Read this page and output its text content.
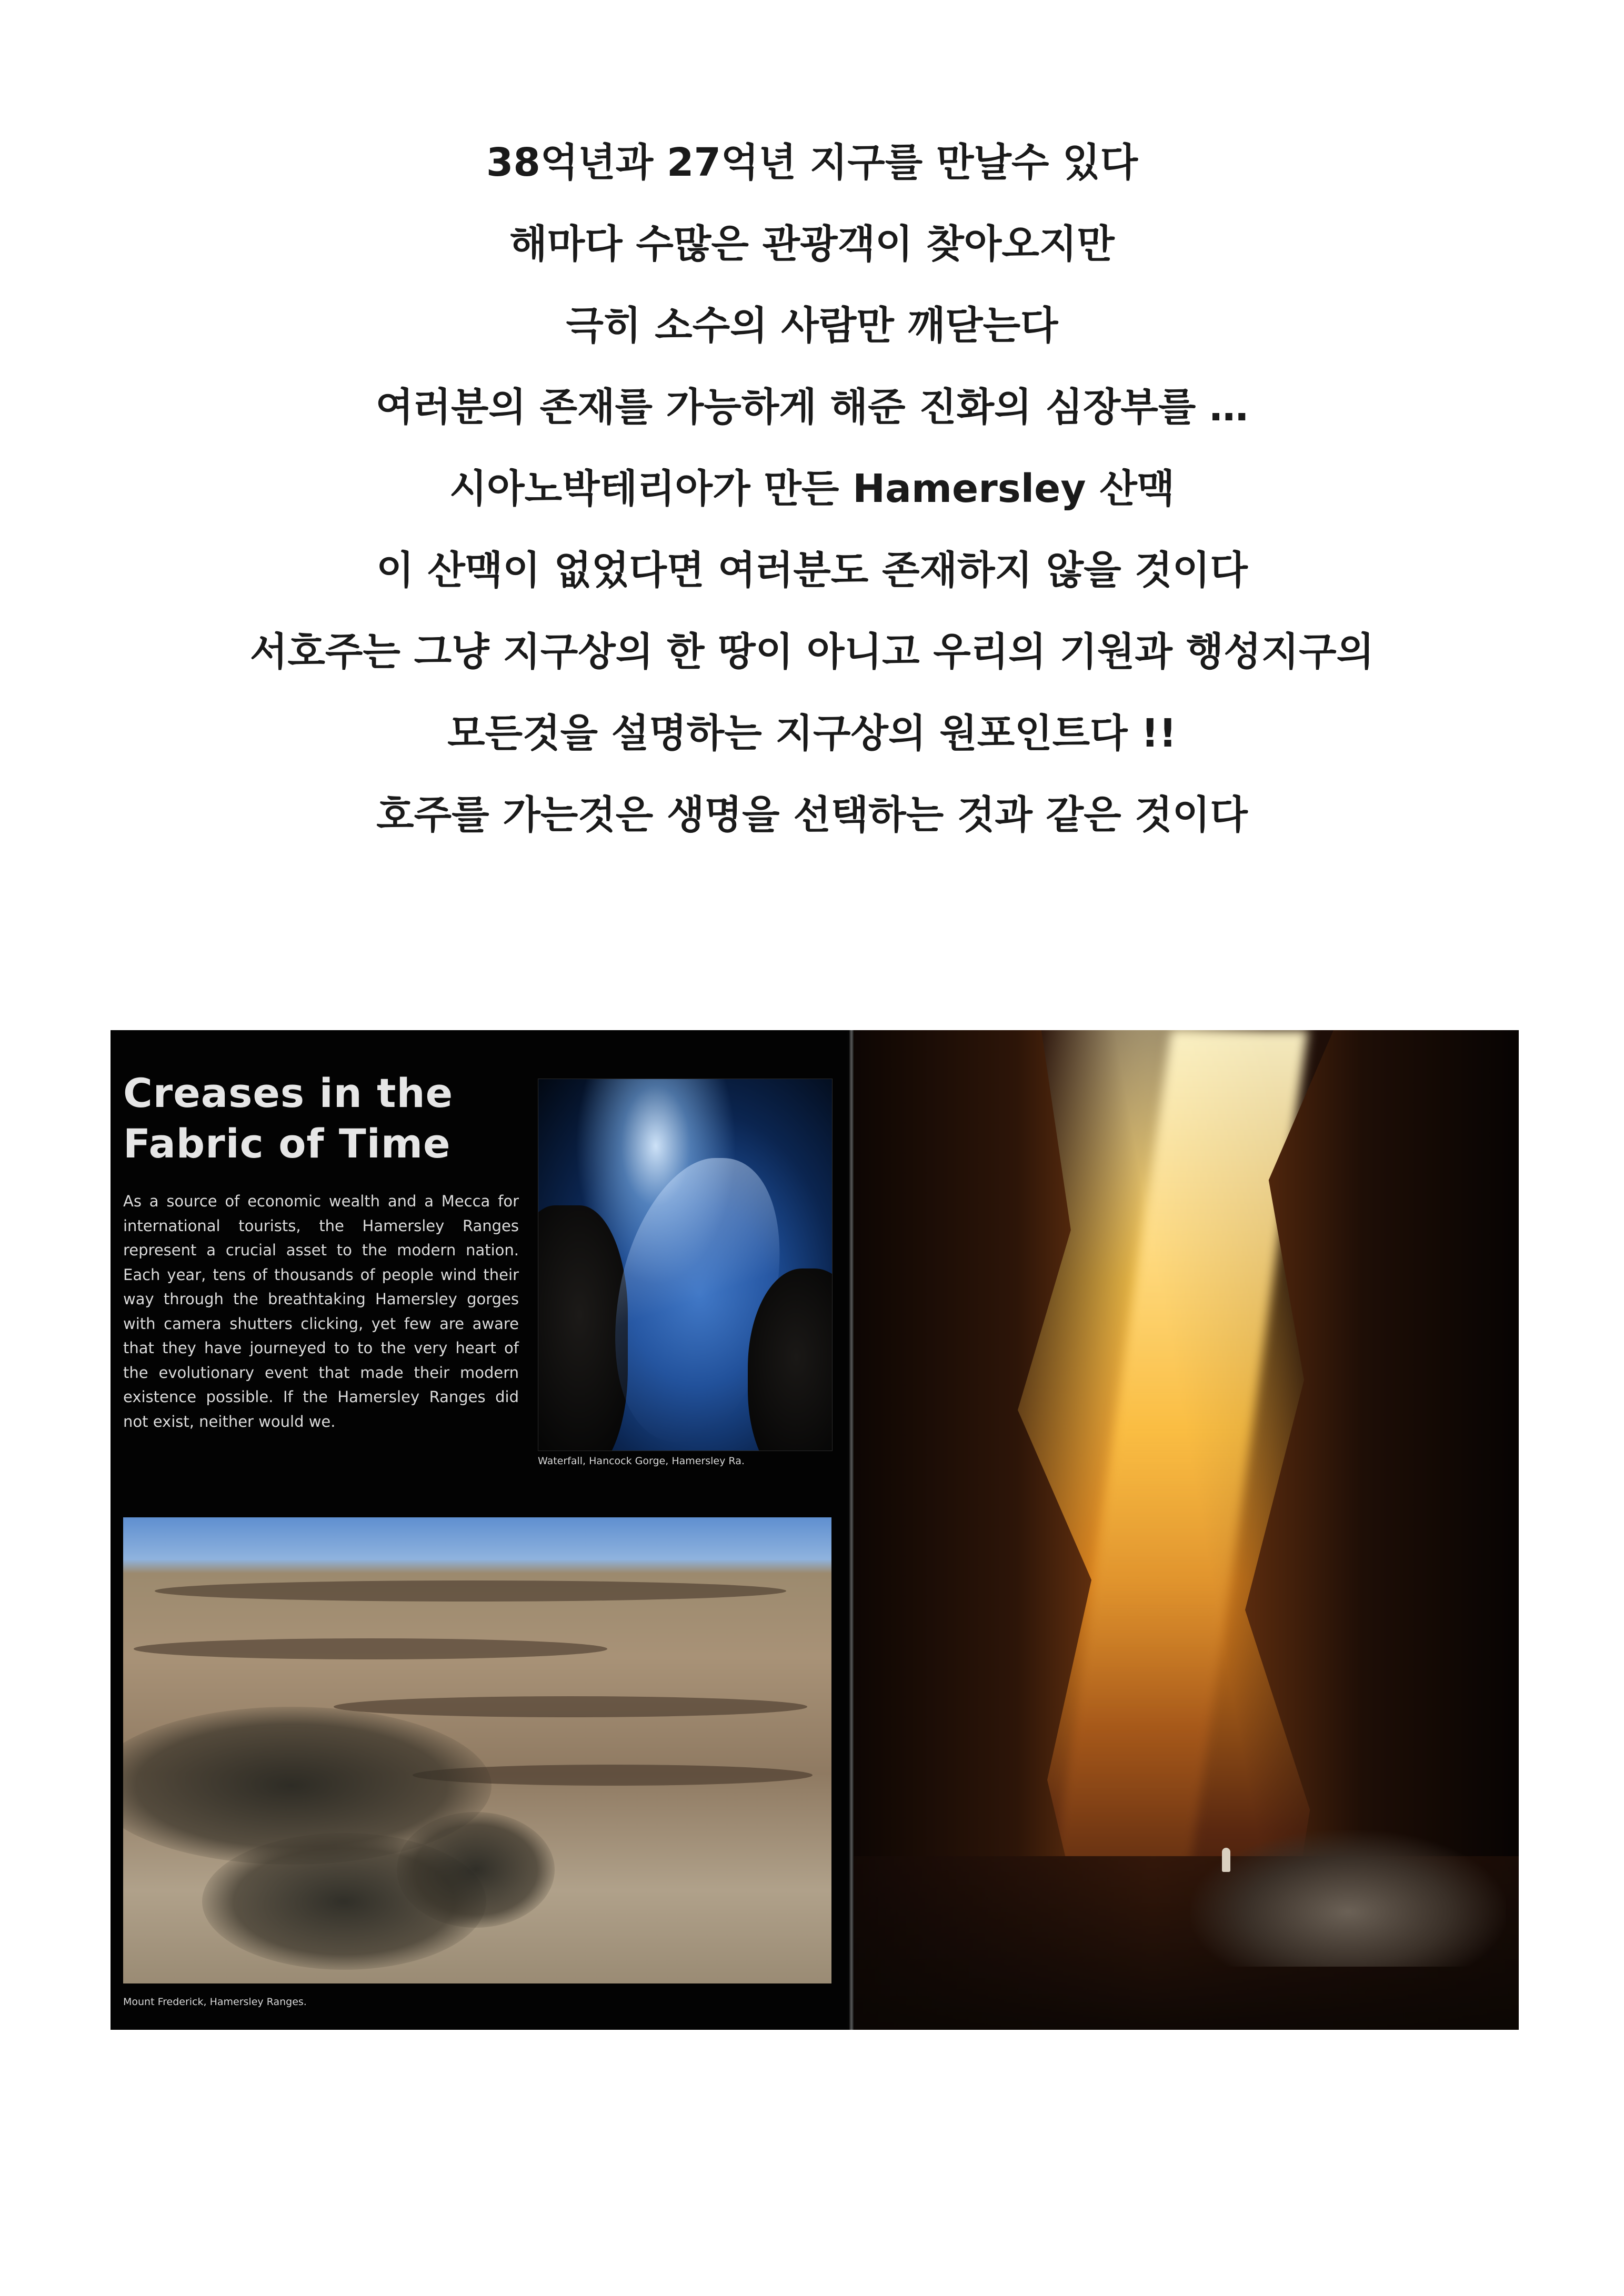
38억년과 27억년 지구를 만날수 있다
해마다 수많은 관광객이 찾아오지만
극히 소수의 사람만 깨닫는다
여러분의 존재를 가능하게 해준 진화의 심장부를 …
시아노박테리아가 만든 Hamersley 산맥
이 산맥이 없었다면 여러분도 존재하지 않을 것이다
서호주는 그냥 지구상의 한 땅이 아니고 우리의 기원과 행성지구의
모든것을 설명하는 지구상의 원포인트다 !!
호주를 가는것은 생명을 선택하는 것과 같은 것이다
Creases in the Fabric of Time

As a source of economic wealth and a Mecca for international tourists, the Hamersley Ranges represent a crucial asset to the modern nation. Each year, tens of thousands of people wind their way through the breathtaking Hamersley gorges with camera shutters clicking, yet few are aware that they have journeyed to to the very heart of the evolutionary event that made their modern existence possible. If the Hamersley Ranges did not exist, neither would we.

Waterfall, Hancock Gorge, Hamersley Ra.

Mount Frederick, Hamersley Ranges.
